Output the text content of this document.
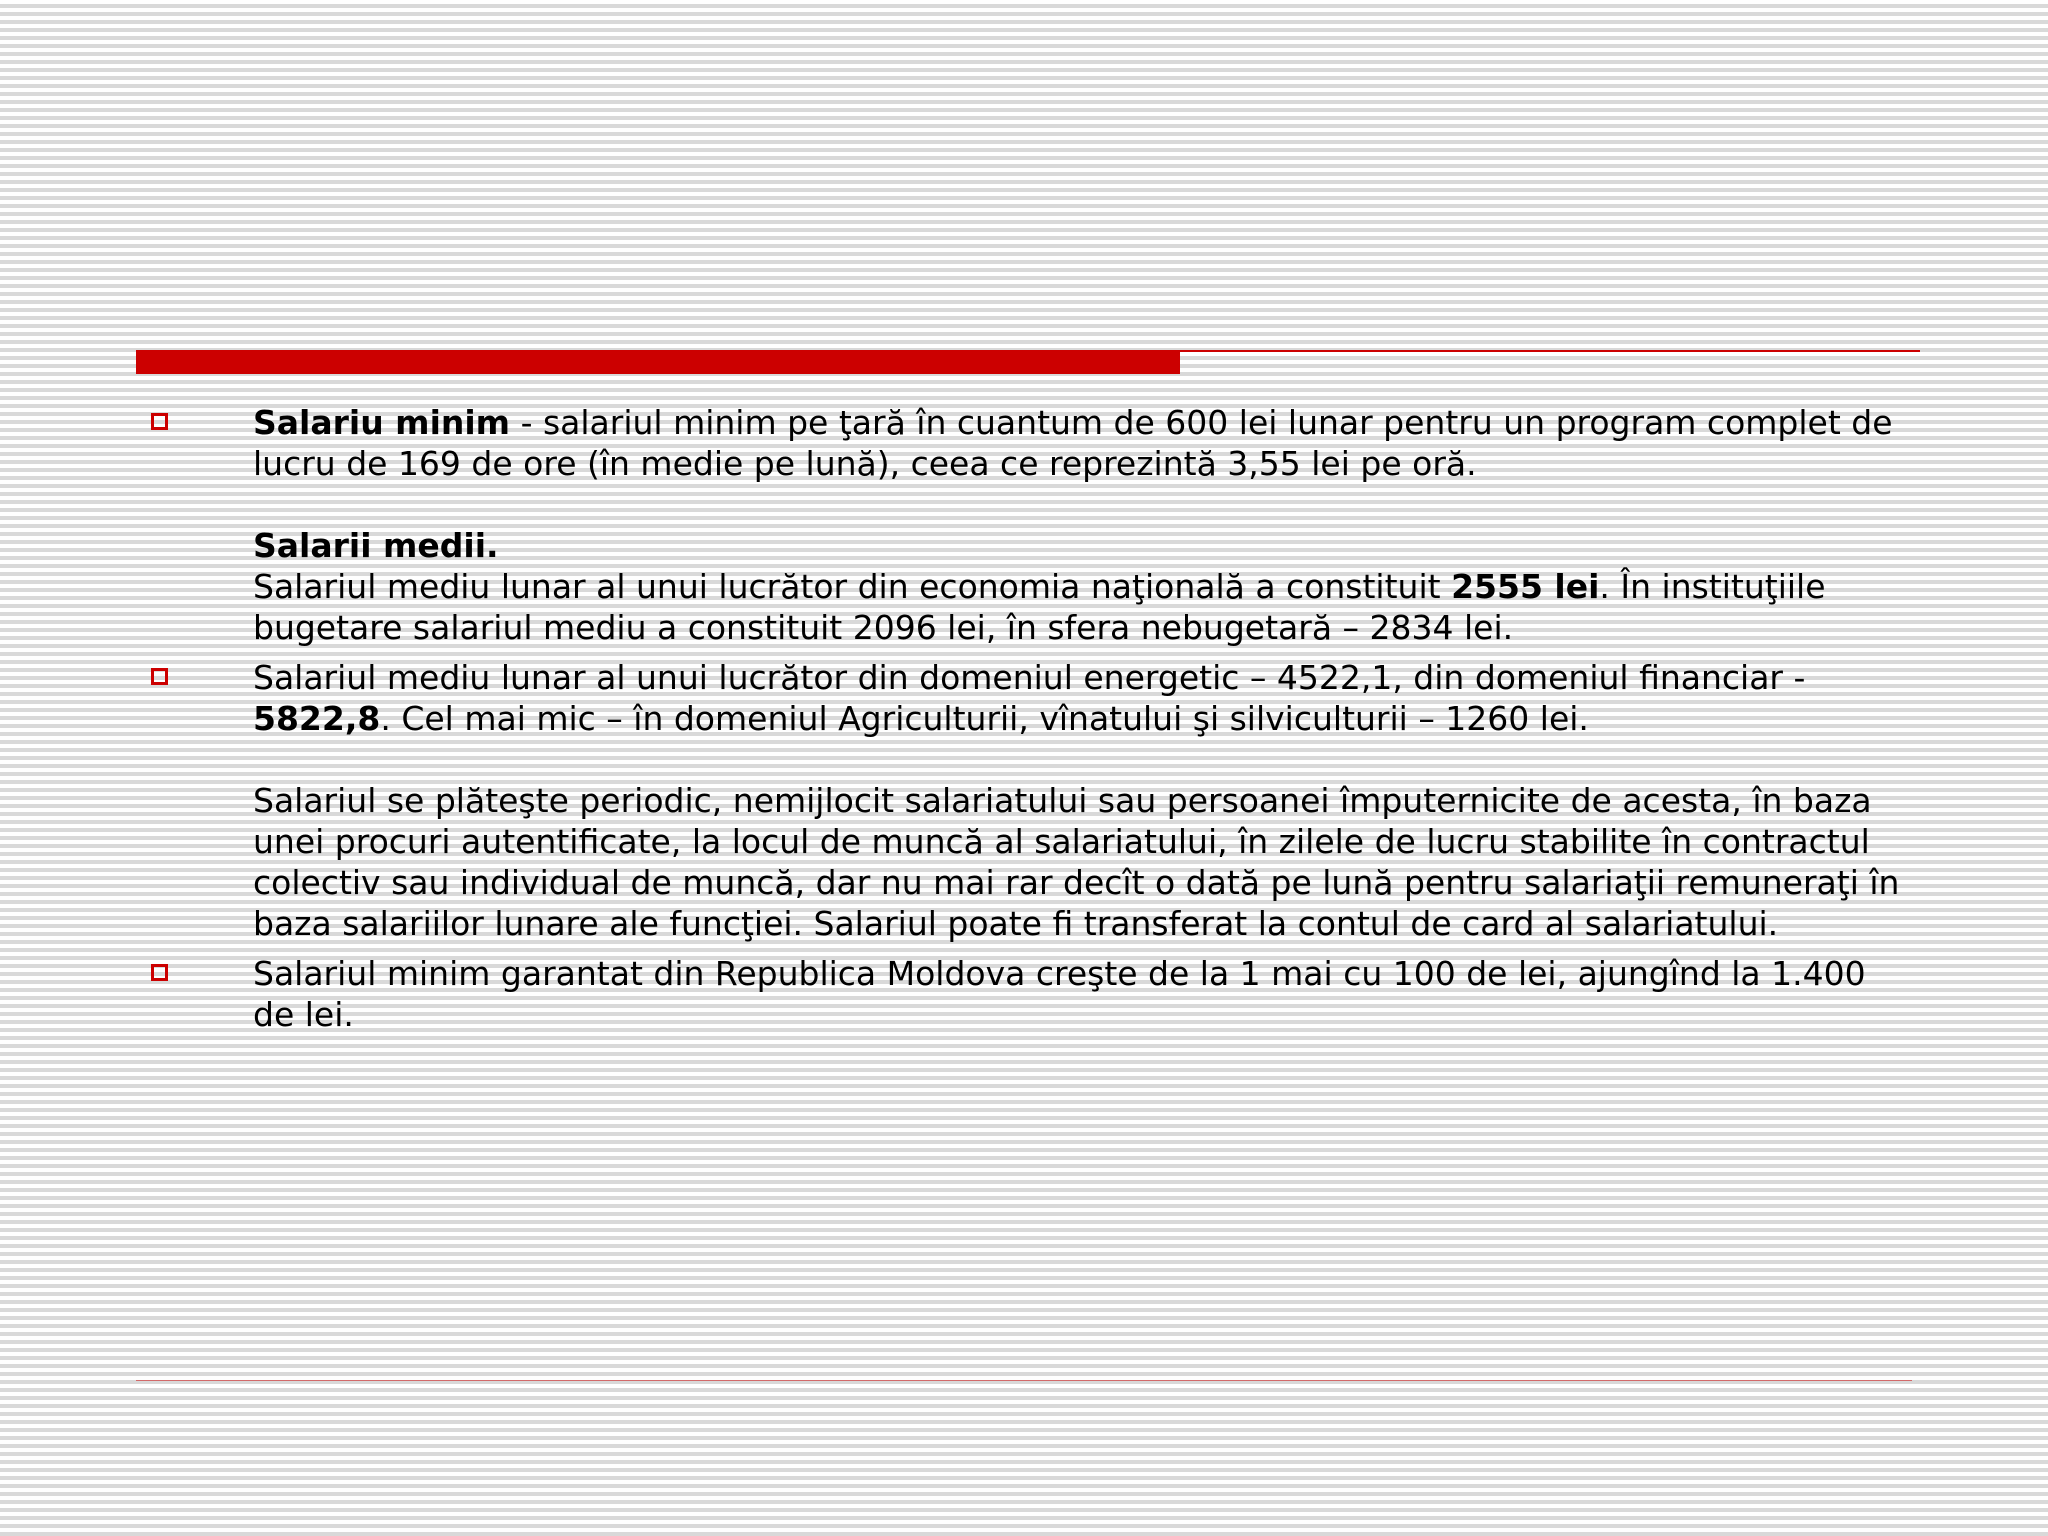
Salariu minim - salariul minim pe ţară în cuantum de 600 lei lunar pentru un program complet de lucru de 169 de ore (în medie pe lună), ceea ce reprezintă 3,55 lei pe oră.

Salarii medii.

Salariul mediu lunar al unui lucrător din economia naţională a constituit 2555 lei. În instituţiile bugetare salariul mediu a constituit 2096 lei, în sfera nebugetară – 2834 lei.

Salariul mediu lunar al unui lucrător din domeniul energetic – 4522,1, din domeniul financiar - 5822,8. Cel mai mic – în domeniul Agriculturii, vînatului şi silviculturii – 1260 lei.

Salariul se plăteşte periodic, nemijlocit salariatului sau persoanei împuternicite de acesta, în baza unei procuri autentificate, la locul de muncă al salariatului, în zilele de lucru stabilite în contractul colectiv sau individual de muncă, dar nu mai rar decît o dată pe lună pentru salariaţii remuneraţi în baza salariilor lunare ale funcţiei. Salariul poate fi transferat la contul de card al salariatului.

Salariul minim garantat din Republica Moldova creşte de la 1 mai cu 100 de lei, ajungînd la 1.400 de lei.
